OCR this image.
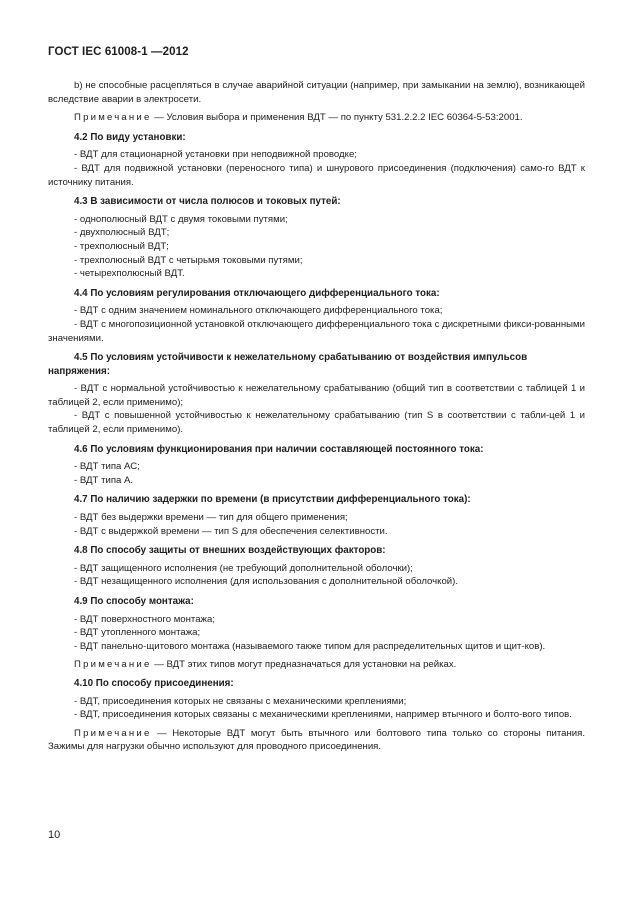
ГОСТ IEC 61008-1 —2012

b) не способные расцепляться в случае аварийной ситуации (например, при замыкании на землю), возникающей вследствие аварии в электросети.

Примечание — Условия выбора и применения ВДТ — по пункту 531.2.2.2 IEC 60364-5-53:2001.

4.2 По виду установки:

- ВДТ для стационарной установки при неподвижной проводке;

- ВДТ для подвижной установки (переносного типа) и шнурового присоединения (подключения) само-го ВДТ к источнику питания.

4.3 В зависимости от числа полюсов и токовых путей:

- однополюсный ВДТ с двумя токовыми путями;

- двухполюсный ВДТ;

- трехполюсный ВДТ;

- трехполюсный ВДТ с четырьмя токовыми путями;

- четырехполюсный ВДТ.

4.4 По условиям регулирования отключающего дифференциального тока:

- ВДТ с одним значением номинального отключающего дифференциального тока;

- ВДТ с многопозиционной установкой отключающего дифференциального тока с дискретными фикси-рованными значениями.

4.5 По условиям устойчивости к нежелательному срабатыванию от воздействия импульсов напряжения:

- ВДТ с нормальной устойчивостью к нежелательному срабатыванию (общий тип в соответствии с таблицей 1 и таблицей 2, если применимо);

- ВДТ с повышенной устойчивостью к нежелательному срабатыванию (тип S в соответствии с табли-цей 1 и таблицей 2, если применимо).

4.6 По условиям функционирования при наличии составляющей постоянного тока:

- ВДТ типа АС;

- ВДТ типа А.

4.7 По наличию задержки по времени (в присутствии дифференциального тока):

- ВДТ без выдержки времени — тип для общего применения;

- ВДТ с выдержкой времени — тип S для обеспечения селективности.

4.8 По способу защиты от внешних воздействующих факторов:

- ВДТ защищенного исполнения (не требующий дополнительной оболочки);

- ВДТ незащищенного исполнения (для использования с дополнительной оболочкой).

4.9 По способу монтажа:

- ВДТ поверхностного монтажа;

- ВДТ утопленного монтажа;

- ВДТ панельно-щитового монтажа (называемого также типом для распределительных щитов и щит-ков).

Примечание — ВДТ этих типов могут предназначаться для установки на рейках.

4.10 По способу присоединения:

- ВДТ, присоединения которых не связаны с механическими креплениями;

- ВДТ, присоединения которых связаны с механическими креплениями, например втычного и болто-вого типов.

Примечание — Некоторые ВДТ могут быть втычного или болтового типа только со стороны питания. Зажимы для нагрузки обычно используют для проводного присоединения.

10
